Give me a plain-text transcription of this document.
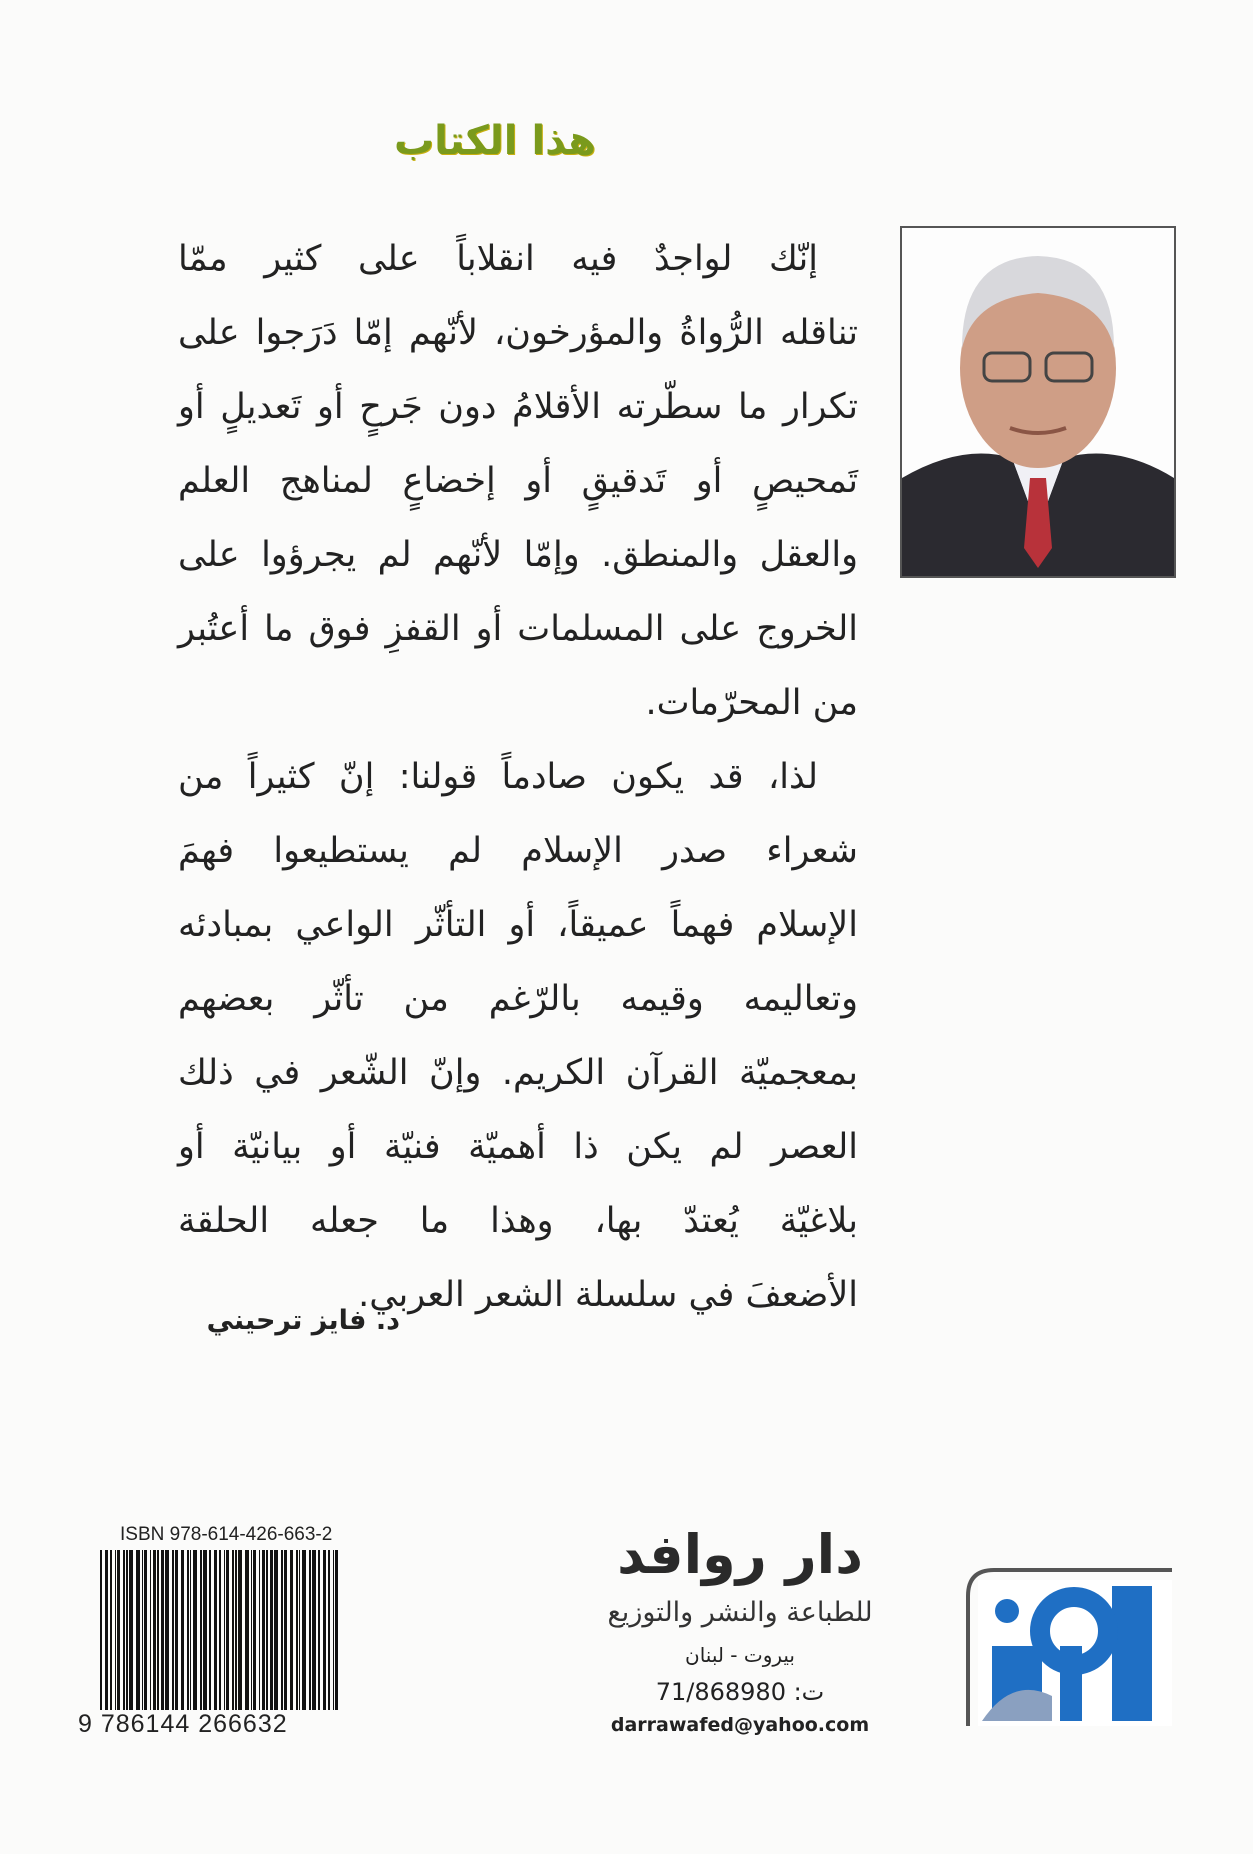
هذا الكتاب
إنّك لواجدٌ فيه انقلاباً على كثير ممّا
تناقله الرُّواةُ والمؤرخون، لأنّهم إمّا دَرَجوا على
تكرار ما سطّرته الأقلامُ دون جَرحٍ أو تَعديلٍ أو
تَمحيصٍ أو تَدقيقٍ أو إخضاعٍ لمناهج العلم
والعقل والمنطق. وإمّا لأنّهم لم يجرؤوا على
الخروج على المسلمات أو القفزِ فوق ما أعتُبر
من المحرّمات.
لذا، قد يكون صادماً قولنا: إنّ كثيراً من
شعراء صدر الإسلام لم يستطيعوا فهمَ
الإسلام فهماً عميقاً، أو التأثّر الواعي بمبادئه
وتعاليمه وقيمه بالرّغم من تأثّر بعضهم
بمعجميّة القرآن الكريم. وإنّ الشّعر في ذلك
العصر لم يكن ذا أهميّة فنيّة أو بيانيّة أو
بلاغيّة يُعتدّ بها، وهذا ما جعله الحلقة
الأضعفَ في سلسلة الشعر العربي.
د. فايز ترحيني
ISBN 978-614-426-663-2
9 786144 266632
دار روافد
للطباعة والنشر والتوزيع
بيروت - لبنان
ت: 71/868980
darrawafed@yahoo.com
